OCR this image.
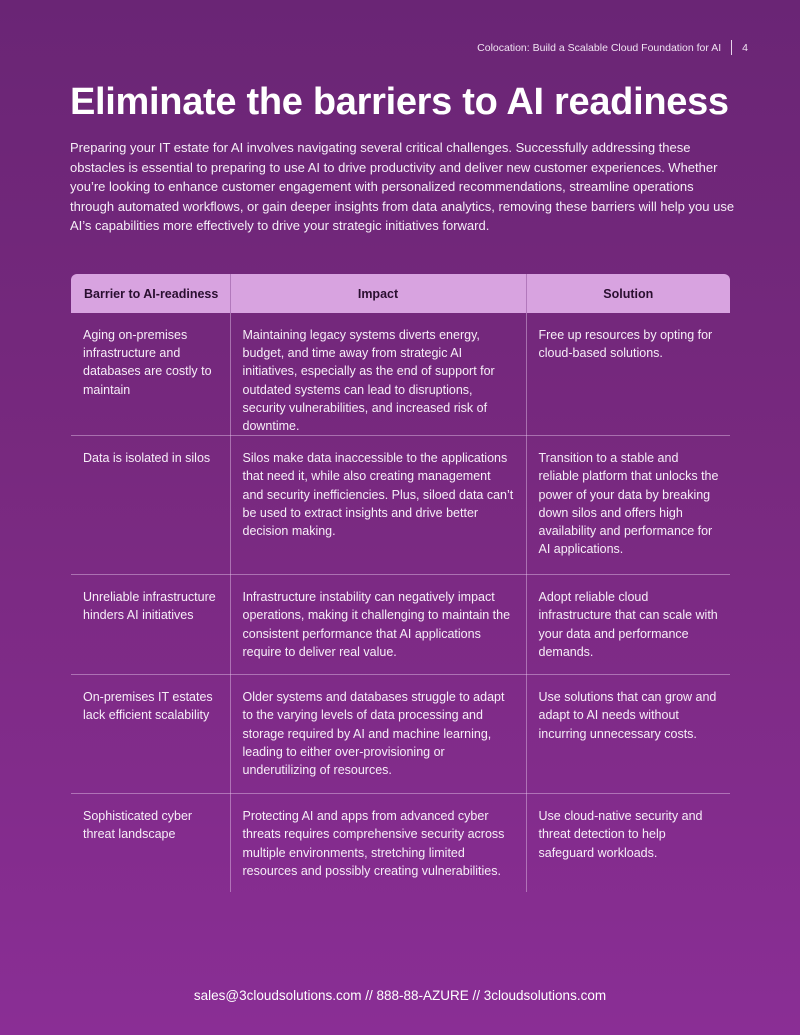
Colocation: Build a Scalable Cloud Foundation for AI 4
Eliminate the barriers to AI readiness

Preparing your IT estate for AI involves navigating several critical challenges. Successfully addressing these obstacles is essential to preparing to use AI to drive productivity and deliver new customer experiences. Whether you’re looking to enhance customer engagement with personalized recommendations, streamline operations through automated workflows, or gain deeper insights from data analytics, removing these barriers will help you use AI’s capabilities more effectively to drive your strategic initiatives forward.

Barrier to AI-readiness	Impact	Solution
Aging on-premises infrastructure and databases are costly to maintain	Maintaining legacy systems diverts energy, budget, and time away from strategic AI initiatives, especially as the end of support for outdated systems can lead to disruptions, security vulnerabilities, and increased risk of downtime.	Free up resources by opting for cloud-based solutions.
Data is isolated in silos	Silos make data inaccessible to the applications that need it, while also creating management and security inefficiencies. Plus, siloed data can’t be used to extract insights and drive better decision making.	Transition to a stable and reliable platform that unlocks the power of your data by breaking down silos and offers high availability and performance for AI applications.
Unreliable infrastructure hinders AI initiatives	Infrastructure instability can negatively impact operations, making it challenging to maintain the consistent performance that AI applications require to deliver real value.	Adopt reliable cloud infrastructure that can scale with your data and performance demands.
On-premises IT estates lack efficient scalability	Older systems and databases struggle to adapt to the varying levels of data processing and storage required by AI and machine learning, leading to either over-provisioning or underutilizing of resources.	Use solutions that can grow and adapt to AI needs without incurring unnecessary costs.
Sophisticated cyber threat landscape	Protecting AI and apps from advanced cyber threats requires comprehensive security across multiple environments, stretching limited resources and possibly creating vulnerabilities.	Use cloud-native security and threat detection to help safeguard workloads.
sales@3cloudsolutions.com // 888-88-AZURE // 3cloudsolutions.com
